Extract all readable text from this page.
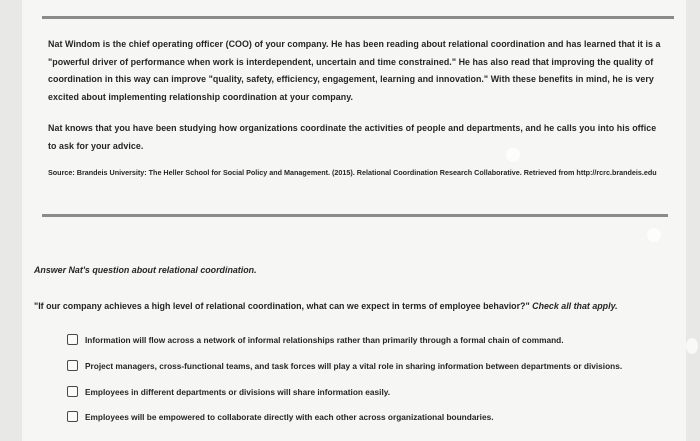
Nat Windom is the chief operating officer (COO) of your company. He has been reading about relational coordination and has learned that it is a "powerful driver of performance when work is interdependent, uncertain and time constrained." He has also read that improving the quality of coordination in this way can improve "quality, safety, efficiency, engagement, learning and innovation." With these benefits in mind, he is very excited about implementing relationship coordination at your company.
Nat knows that you have been studying how organizations coordinate the activities of people and departments, and he calls you into his office to ask for your advice.
Source: Brandeis University: The Heller School for Social Policy and Management. (2015). Relational Coordination Research Collaborative. Retrieved from http://rcrc.brandeis.edu
Answer Nat's question about relational coordination.
"If our company achieves a high level of relational coordination, what can we expect in terms of employee behavior?" Check all that apply.
Information will flow across a network of informal relationships rather than primarily through a formal chain of command.
Project managers, cross-functional teams, and task forces will play a vital role in sharing information between departments or divisions.
Employees in different departments or divisions will share information easily.
Employees will be empowered to collaborate directly with each other across organizational boundaries.
